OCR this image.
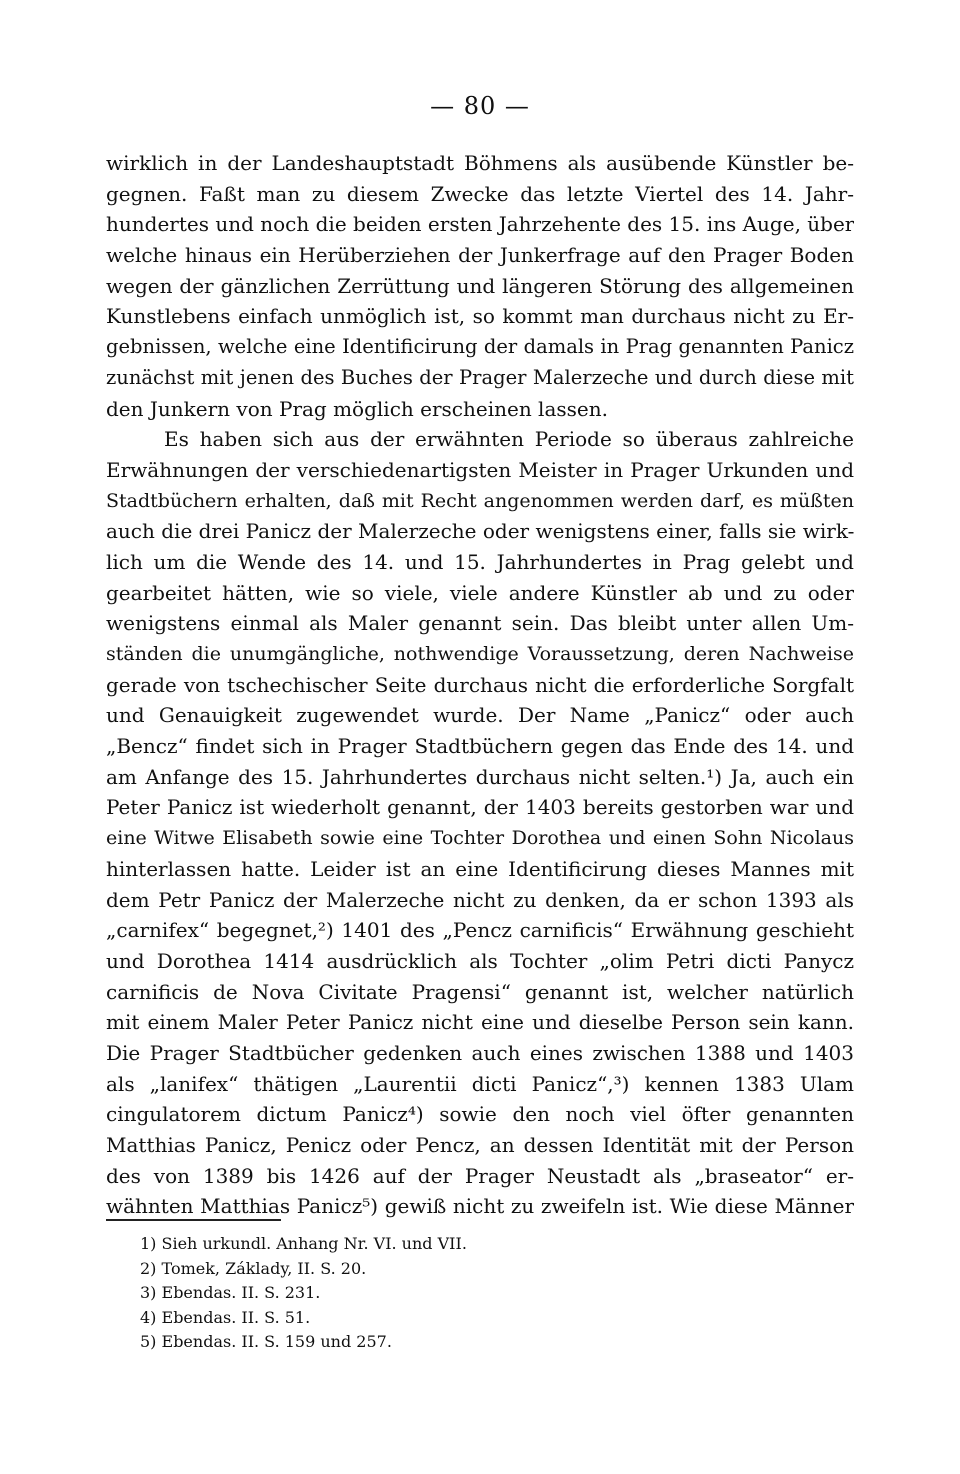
— 80 —
wirklich in der Landeshauptstadt Böhmens als ausübende Künstler be-
gegnen. Faßt man zu diesem Zwecke das letzte Viertel des 14. Jahr-
hundertes und noch die beiden ersten Jahrzehente des 15. ins Auge, über
welche hinaus ein Herüberziehen der Junkerfrage auf den Prager Boden
wegen der gänzlichen Zerrüttung und längeren Störung des allgemeinen
Kunstlebens einfach unmöglich ist, so kommt man durchaus nicht zu Er-
gebnissen, welche eine Identificirung der damals in Prag genannten Panicz
zunächst mit jenen des Buches der Prager Malerzeche und durch diese mit
den Junkern von Prag möglich erscheinen lassen.
Es haben sich aus der erwähnten Periode so überaus zahlreiche
Erwähnungen der verschiedenartigsten Meister in Prager Urkunden und
Stadtbüchern erhalten, daß mit Recht angenommen werden darf, es müßten
auch die drei Panicz der Malerzeche oder wenigstens einer, falls sie wirk-
lich um die Wende des 14. und 15. Jahrhundertes in Prag gelebt und
gearbeitet hätten, wie so viele, viele andere Künstler ab und zu oder
wenigstens einmal als Maler genannt sein. Das bleibt unter allen Um-
ständen die unumgängliche, nothwendige Voraussetzung, deren Nachweise
gerade von tschechischer Seite durchaus nicht die erforderliche Sorgfalt
und Genauigkeit zugewendet wurde. Der Name „Panicz“ oder auch
„Bencz“ findet sich in Prager Stadtbüchern gegen das Ende des 14. und
am Anfange des 15. Jahrhundertes durchaus nicht selten.¹) Ja, auch ein
Peter Panicz ist wiederholt genannt, der 1403 bereits gestorben war und
eine Witwe Elisabeth sowie eine Tochter Dorothea und einen Sohn Nicolaus
hinterlassen hatte. Leider ist an eine Identificirung dieses Mannes mit
dem Petr Panicz der Malerzeche nicht zu denken, da er schon 1393 als
„carnifex“ begegnet,²) 1401 des „Pencz carnificis“ Erwähnung geschieht
und Dorothea 1414 ausdrücklich als Tochter „olim Petri dicti Panycz
carnificis de Nova Civitate Pragensi“ genannt ist, welcher natürlich
mit einem Maler Peter Panicz nicht eine und dieselbe Person sein kann.
Die Prager Stadtbücher gedenken auch eines zwischen 1388 und 1403
als „lanifex“ thätigen „Laurentii dicti Panicz“,³) kennen 1383 Ulam
cingulatorem dictum Panicz⁴) sowie den noch viel öfter genannten
Matthias Panicz, Penicz oder Pencz, an dessen Identität mit der Person
des von 1389 bis 1426 auf der Prager Neustadt als „braseator“ er-
wähnten Matthias Panicz⁵) gewiß nicht zu zweifeln ist. Wie diese Männer
1) Sieh urkundl. Anhang Nr. VI. und VII.
2) Tomek, Základy, II. S. 20.
3) Ebendas. II. S. 231.
4) Ebendas. II. S. 51.
5) Ebendas. II. S. 159 und 257.
